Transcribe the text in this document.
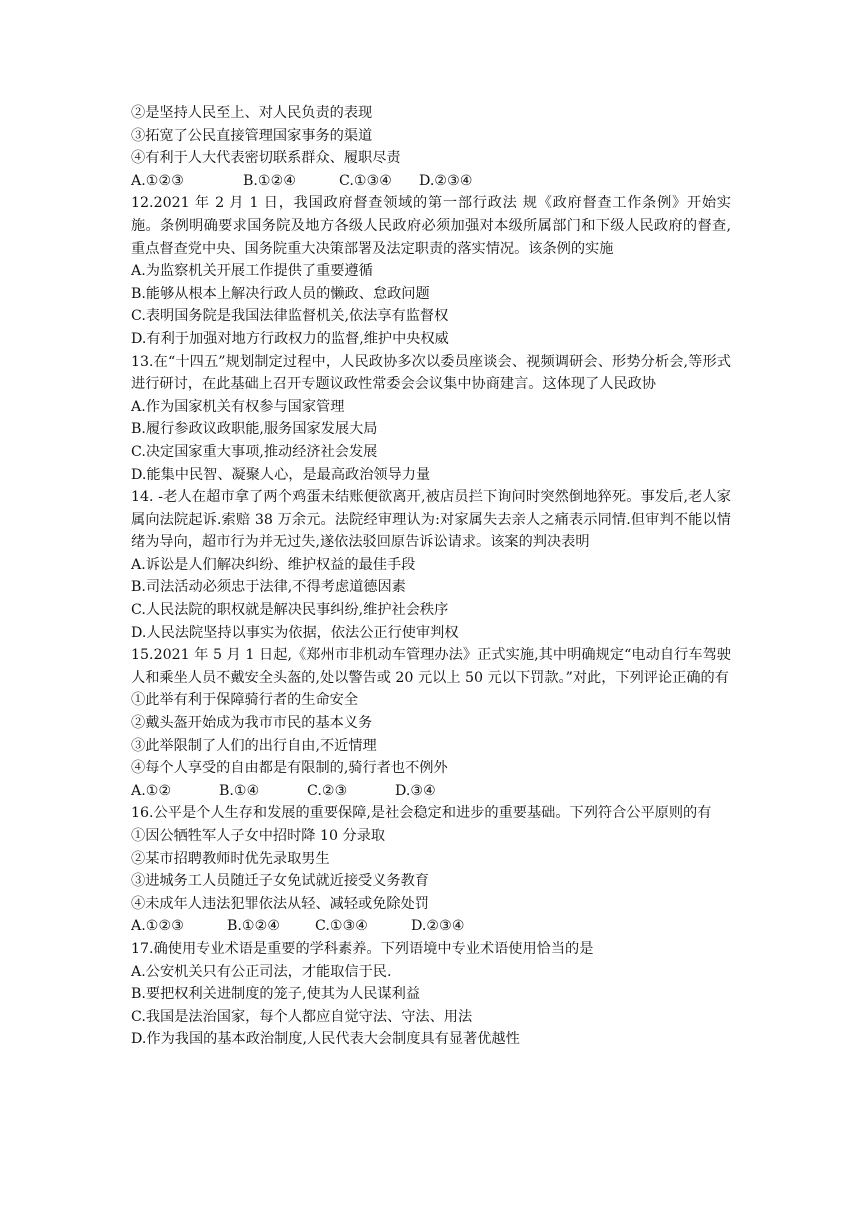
②是坚持人民至上、对人民负责的表现
③拓宽了公民直接管理国家事务的渠道
④有利于人大代表密切联系群众、履职尽责
A.①②③	B.①②④	C.①③④ D.②③④
12.2021 年 2 月 1 日，我国政府督查领域的第一部行政法 规《政府督查工作条例》开始实施。条例明确要求国务院及地方各级人民政府必须加强对本级所属部门和下级人民政府的督查,重点督查党中央、国务院重大决策部署及法定职责的落实情况。该条例的实施
A.为监察机关开展工作提供了重要遵循
B.能够从根本上解决行政人员的懒政、怠政问题
C.表明国务院是我国法律监督机关,依法享有监督权
D.有利于加强对地方行政权力的监督,维护中央权威
13.在“十四五”规划制定过程中，人民政协多次以委员座谈会、视频调研会、形势分析会,等形式进行研讨，在此基础上召开专题议政性常委会会议集中协商建言。这体现了人民政协
A.作为国家机关有权参与国家管理
B.履行参政议政职能,服务国家发展大局
C.决定国家重大事项,推动经济社会发展
D.能集中民智、凝聚人心，是最高政治领导力量
14. -老人在超市拿了两个鸡蛋未结账便欲离开,被店员拦下询问时突然倒地猝死。事发后,老人家属向法院起诉.索赔 38 万余元。法院经审理认为:对家属失去亲人之痛表示同情.但审判不能以情绪为导向，超市行为并无过失,遂依法驳回原告诉讼请求。该案的判决表明
A.诉讼是人们解决纠纷、维护权益的最佳手段
B.司法活动必须忠于法律,不得考虑道德因素
C.人民法院的职权就是解决民事纠纷,维护社会秩序
D.人民法院坚持以事实为依据，依法公正行使审判权
15.2021 年 5 月 1 日起,《郑州市非机动车管理办法》正式实施,其中明确规定“电动自行车驾驶人和乘坐人员不戴安全头盔的,处以警告或 20 元以上 50 元以下罚款。”对此，下列评论正确的有
①此举有利于保障骑行者的生命安全
②戴头盔开始成为我市市民的基本义务
③此举限制了人们的出行自由,不近情理
④每个人享受的自由都是有限制的,骑行者也不例外
A.①②	B.①④	C.②③	D.③④
16.公平是个人生存和发展的重要保障,是社会稳定和进步的重要基础。下列符合公平原则的有
①因公牺牲军人子女中招时降 10 分录取
②某市招聘教师时优先录取男生
③进城务工人员随迁子女免试就近接受义务教育
④未成年人违法犯罪依法从轻、减轻或免除处罚
A.①②③	B.①②④ C.①③④	D.②③④
17.确使用专业术语是重要的学科素养。下列语境中专业术语使用恰当的是
A.公安机关只有公正司法，才能取信于民.
B.要把权利关进制度的笼子,使其为人民谋利益
C.我国是法治国家，每个人都应自觉守法、守法、用法
D.作为我国的基本政治制度,人民代表大会制度具有显著优越性
